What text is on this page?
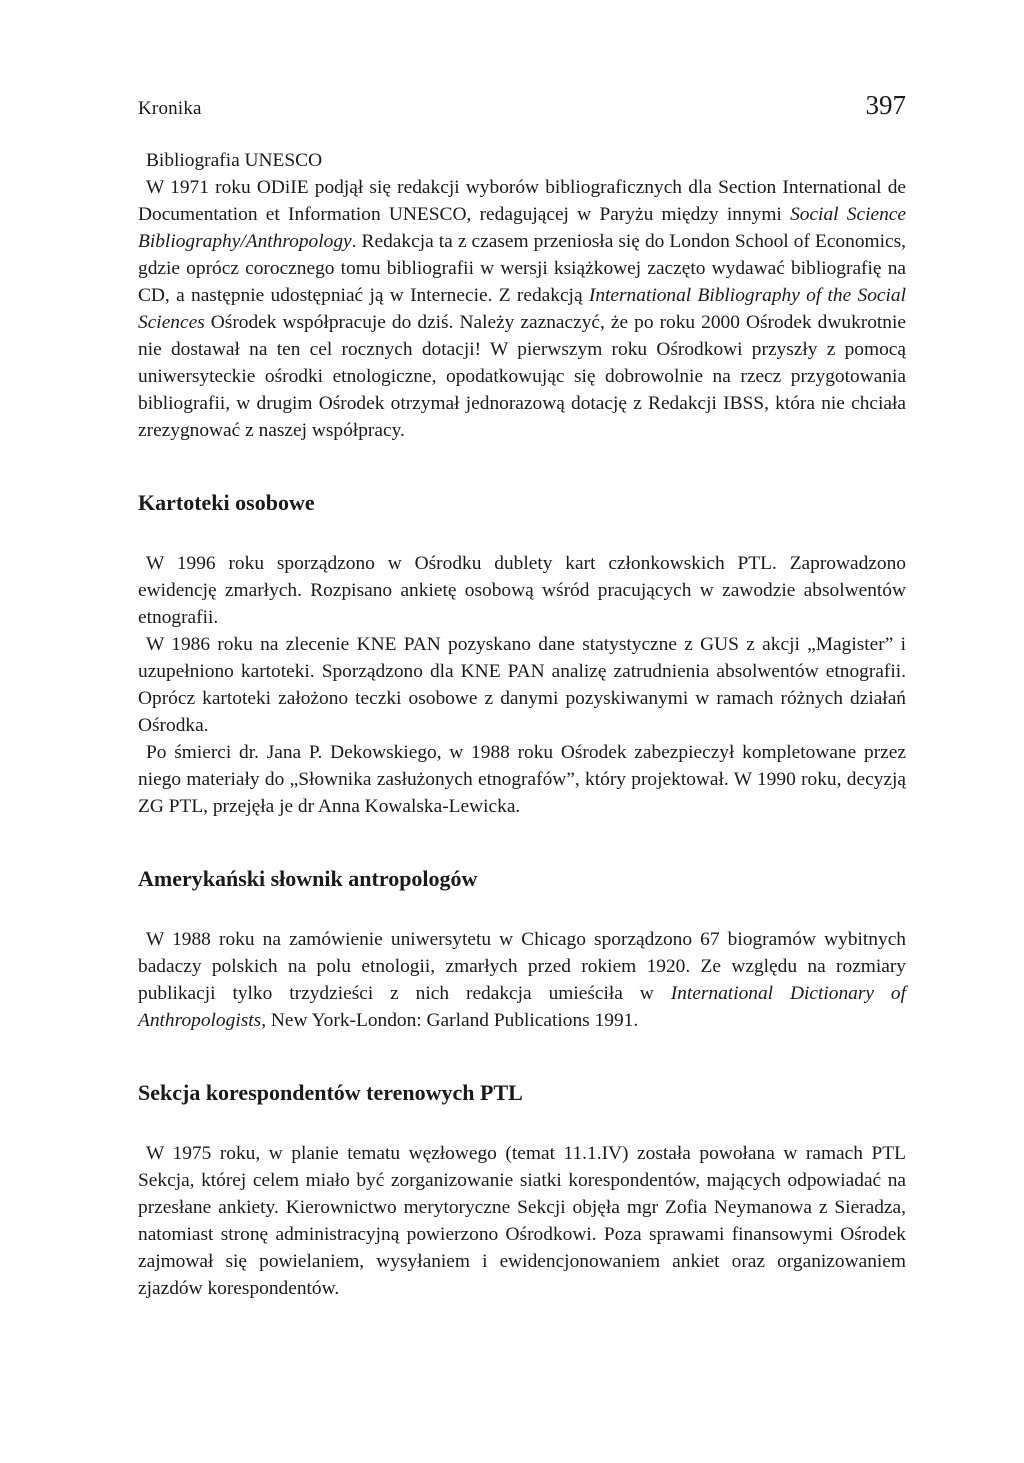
Kronika	397
Bibliografia UNESCO

W 1971 roku ODiIE podjął się redakcji wyborów bibliograficznych dla Section International de Documentation et Information UNESCO, redagującej w Paryżu między innymi Social Science Bibliography/Anthropology. Redakcja ta z czasem przeniosła się do London School of Economics, gdzie oprócz corocznego tomu bibliografii w wersji książkowej zaczęto wydawać bibliografię na CD, a następnie udostępniać ją w Internecie. Z redakcją International Bibliography of the Social Sciences Ośrodek współpracuje do dziś. Należy zaznaczyć, że po roku 2000 Ośrodek dwukrotnie nie dostawał na ten cel rocznych dotacji! W pierwszym roku Ośrodkowi przyszły z pomocą uniwersyteckie ośrodki etnologiczne, opodatkowując się dobrowolnie na rzecz przygotowania bibliografii, w drugim Ośrodek otrzymał jednorazową dotację z Redakcji IBSS, która nie chciała zrezygnować z naszej współpracy.

Kartoteki osobowe

W 1996 roku sporządzono w Ośrodku dublety kart członkowskich PTL. Zaprowadzono ewidencję zmarłych. Rozpisano ankietę osobową wśród pracujących w zawodzie absolwentów etnografii.

W 1986 roku na zlecenie KNE PAN pozyskano dane statystyczne z GUS z akcji „Magister” i uzupełniono kartoteki. Sporządzono dla KNE PAN analizę zatrudnienia absolwentów etnografii. Oprócz kartoteki założono teczki osobowe z danymi pozyskiwanymi w ramach różnych działań Ośrodka.

Po śmierci dr. Jana P. Dekowskiego, w 1988 roku Ośrodek zabezpieczył kompletowane przez niego materiały do „Słownika zasłużonych etnografów”, który projektował. W 1990 roku, decyzją ZG PTL, przejęła je dr Anna Kowalska-Lewicka.

Amerykański słownik antropologów

W 1988 roku na zamówienie uniwersytetu w Chicago sporządzono 67 biogramów wybitnych badaczy polskich na polu etnologii, zmarłych przed rokiem 1920. Ze względu na rozmiary publikacji tylko trzydzieści z nich redakcja umieściła w International Dictionary of Anthropologists, New York-London: Garland Publications 1991.

Sekcja korespondentów terenowych PTL

W 1975 roku, w planie tematu węzłowego (temat 11.1.IV) została powołana w ramach PTL Sekcja, której celem miało być zorganizowanie siatki korespondentów, mających odpowiadać na przesłane ankiety. Kierownictwo merytoryczne Sekcji objęła mgr Zofia Neymanowa z Sieradza, natomiast stronę administracyjną powierzono Ośrodkowi. Poza sprawami finansowymi Ośrodek zajmował się powielaniem, wysyłaniem i ewidencjonowaniem ankiet oraz organizowaniem zjazdów korespondentów.
